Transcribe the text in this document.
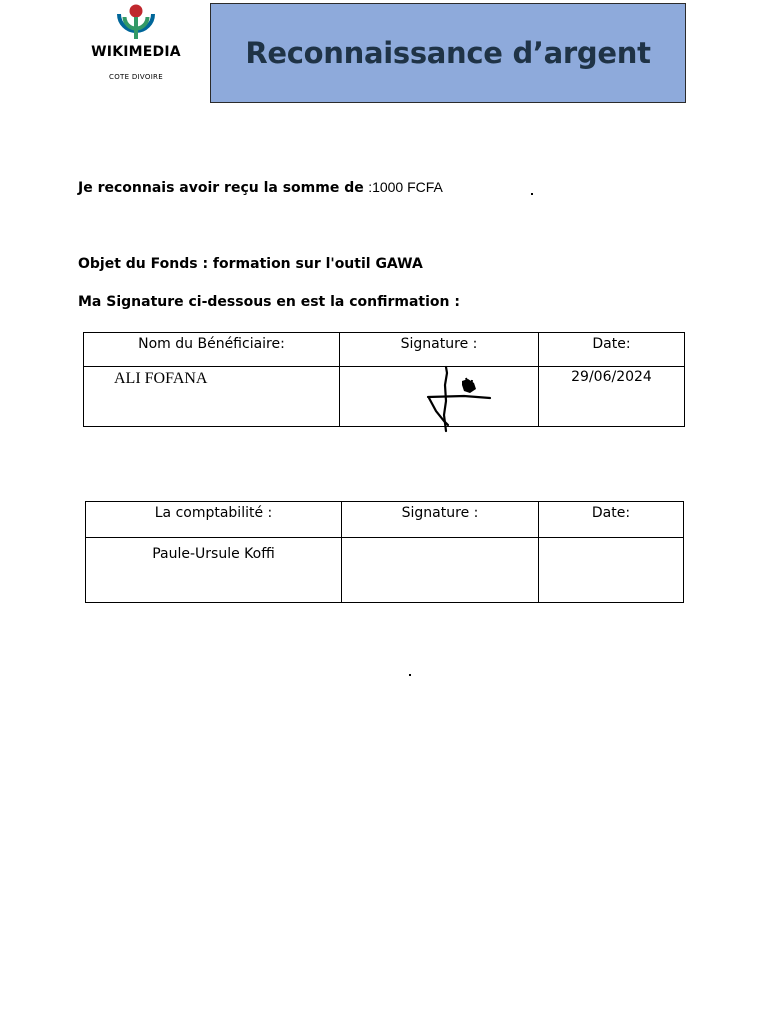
WIKIMEDIA
COTE DIVOIRE
Reconnaissance d’argent
Je reconnais avoir reçu la somme de :1000 FCFA
Objet du Fonds : formation sur l'outil GAWA
Ma Signature ci-dessous en est la confirmation :
Nom du Bénéficiaire:	Signature :	Date:

ALI FOFANA		29/06/2024
La comptabilité :	Signature :	Date:

Paule-Ursule Koffi		
